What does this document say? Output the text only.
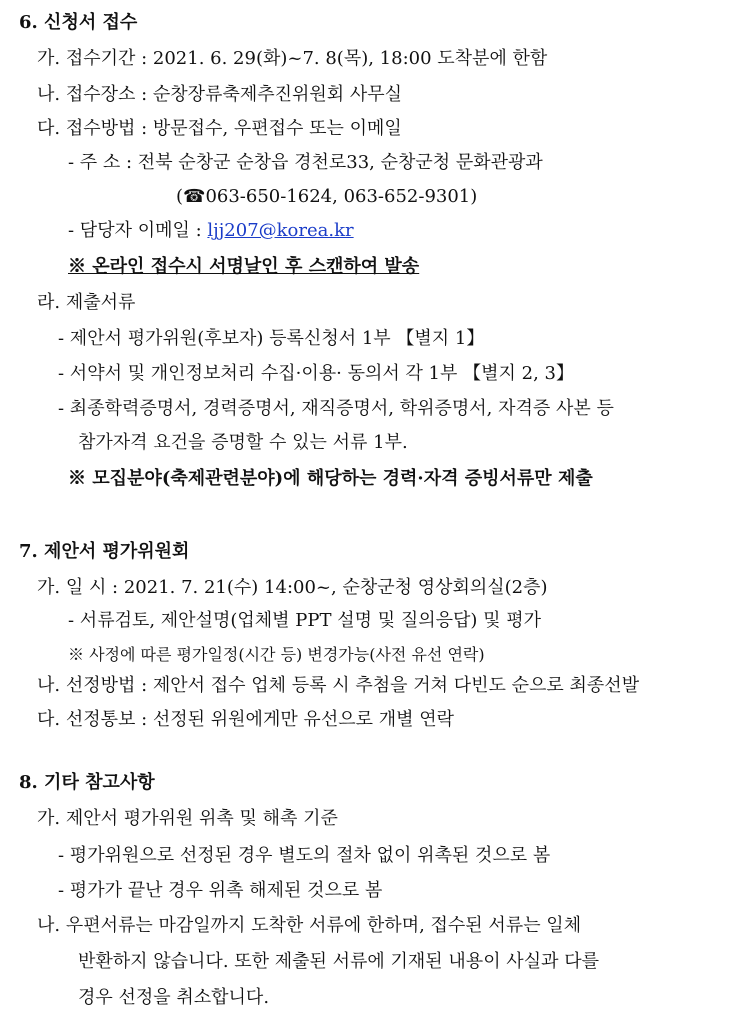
6. 신청서 접수
가. 접수기간 : 2021. 6. 29(화)~7. 8(목), 18:00 도착분에 한함
나. 접수장소 : 순창장류축제추진위원회 사무실
다. 접수방법 : 방문접수, 우편접수 또는 이메일
- 주 소 : 전북 순창군 순창읍 경천로33, 순창군청 문화관광과
(☎063-650-1624, 063-652-9301)
- 담당자 이메일 : ljj207@korea.kr
※ 온라인 접수시 서명날인 후 스캔하여 발송
라. 제출서류
- 제안서 평가위원(후보자) 등록신청서 1부 【별지 1】
- 서약서 및 개인정보처리 수집·이용· 동의서 각 1부 【별지 2, 3】
- 최종학력증명서, 경력증명서, 재직증명서, 학위증명서, 자격증 사본 등
참가자격 요건을 증명할 수 있는 서류 1부.
※ 모집분야(축제관련분야)에 해당하는 경력·자격 증빙서류만 제출
7. 제안서 평가위원회
가. 일 시 : 2021. 7. 21(수) 14:00~, 순창군청 영상회의실(2층)
- 서류검토, 제안설명(업체별 PPT 설명 및 질의응답) 및 평가
※ 사정에 따른 평가일정(시간 등) 변경가능(사전 유선 연락)
나. 선정방법 : 제안서 접수 업체 등록 시 추첨을 거쳐 다빈도 순으로 최종선발
다. 선정통보 : 선정된 위원에게만 유선으로 개별 연락
8. 기타 참고사항
가. 제안서 평가위원 위촉 및 해촉 기준
- 평가위원으로 선정된 경우 별도의 절차 없이 위촉된 것으로 봄
- 평가가 끝난 경우 위촉 해제된 것으로 봄
나. 우편서류는 마감일까지 도착한 서류에 한하며, 접수된 서류는 일체
반환하지 않습니다. 또한 제출된 서류에 기재된 내용이 사실과 다를
경우 선정을 취소합니다.
